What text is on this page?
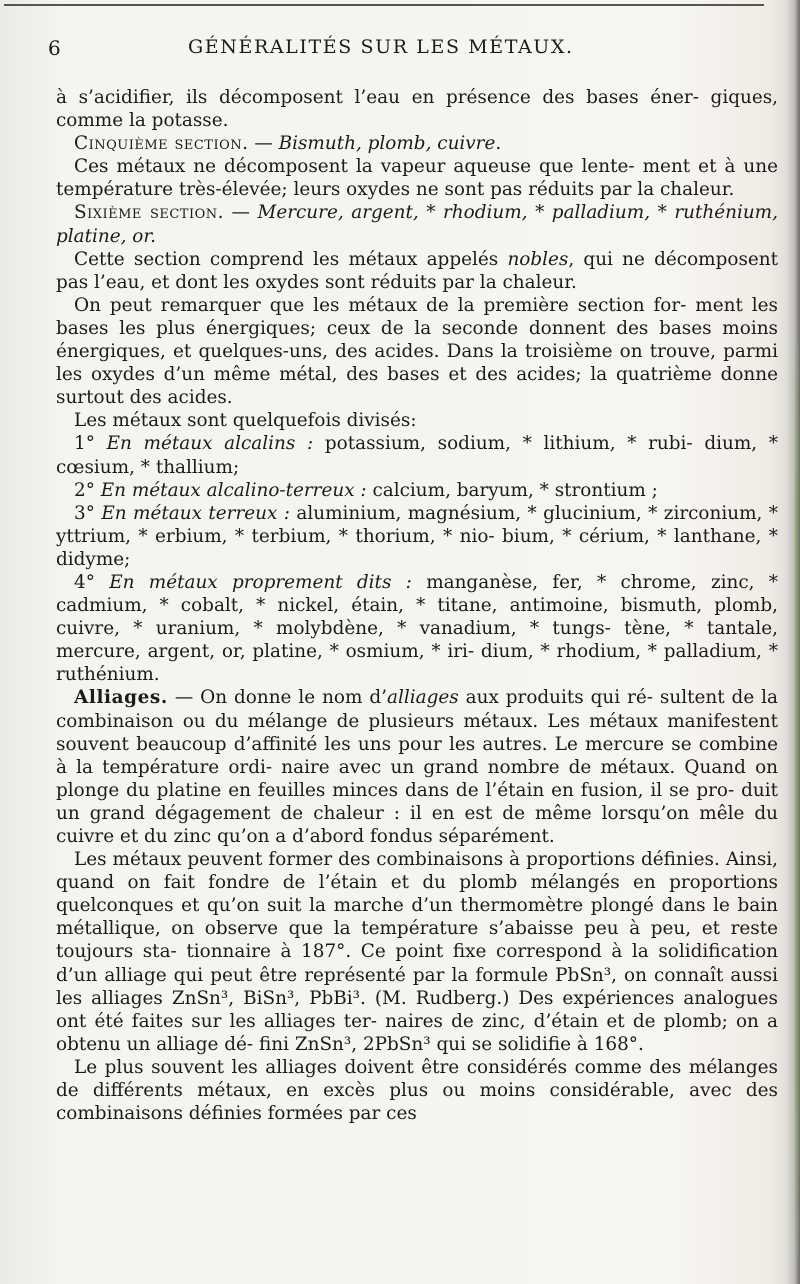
6	GÉNÉRALITÉS SUR LES MÉTAUX.

à s’acidifier, ils décomposent l’eau en présence des bases éner- giques, comme la potasse.

Cinquième section. — Bismuth, plomb, cuivre.

Ces métaux ne décomposent la vapeur aqueuse que lente- ment et à une température très-élevée; leurs oxydes ne sont pas réduits par la chaleur.

Sixième section. — Mercure, argent, * rhodium, * palladium, * ruthénium, platine, or.

Cette section comprend les métaux appelés nobles, qui ne décomposent pas l’eau, et dont les oxydes sont réduits par la chaleur.

On peut remarquer que les métaux de la première section for- ment les bases les plus énergiques; ceux de la seconde donnent des bases moins énergiques, et quelques-uns, des acides. Dans la troisième on trouve, parmi les oxydes d’un même métal, des bases et des acides; la quatrième donne surtout des acides.

Les métaux sont quelquefois divisés:

1° En métaux alcalins : potassium, sodium, * lithium, * rubi- dium, * cœsium, * thallium;

2° En métaux alcalino-terreux : calcium, baryum, * strontium ;

3° En métaux terreux : aluminium, magnésium, * glucinium, * zirconium, * yttrium, * erbium, * terbium, * thorium, * nio- bium, * cérium, * lanthane, * didyme;

4° En métaux proprement dits : manganèse, fer, * chrome, zinc, * cadmium, * cobalt, * nickel, étain, * titane, antimoine, bismuth, plomb, cuivre, * uranium, * molybdène, * vanadium, * tungs- tène, * tantale, mercure, argent, or, platine, * osmium, * iri- dium, * rhodium, * palladium, * ruthénium.

Alliages. — On donne le nom d’alliages aux produits qui ré- sultent de la combinaison ou du mélange de plusieurs métaux. Les métaux manifestent souvent beaucoup d’affinité les uns pour les autres. Le mercure se combine à la température ordi- naire avec un grand nombre de métaux. Quand on plonge du platine en feuilles minces dans de l’étain en fusion, il se pro- duit un grand dégagement de chaleur : il en est de même lorsqu’on mêle du cuivre et du zinc qu’on a d’abord fondus séparément.

Les métaux peuvent former des combinaisons à proportions définies. Ainsi, quand on fait fondre de l’étain et du plomb mélangés en proportions quelconques et qu’on suit la marche d’un thermomètre plongé dans le bain métallique, on observe que la température s’abaisse peu à peu, et reste toujours sta- tionnaire à 187°. Ce point fixe correspond à la solidification d’un alliage qui peut être représenté par la formule PbSn³, on connaît aussi les alliages ZnSn³, BiSn³, PbBi³. (M. Rudberg.) Des expériences analogues ont été faites sur les alliages ter- naires de zinc, d’étain et de plomb; on a obtenu un alliage dé- fini ZnSn³, 2PbSn³ qui se solidifie à 168°.

Le plus souvent les alliages doivent être considérés comme des mélanges de différents métaux, en excès plus ou moins considérable, avec des combinaisons définies formées par ces
